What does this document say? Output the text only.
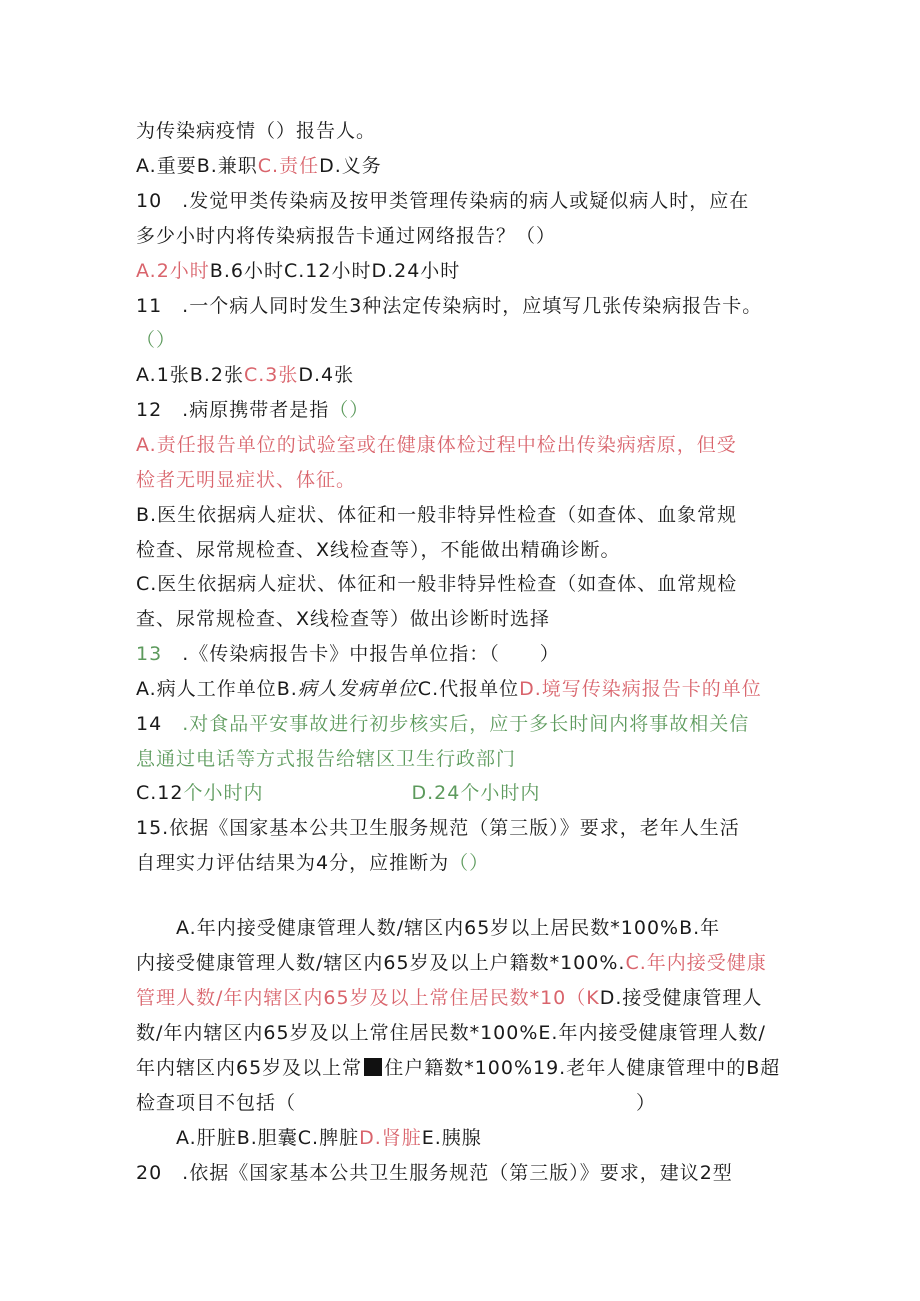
为传染病疫情（）报告人。
A.重要B.兼职C.责任D.义务
10　.发觉甲类传染病及按甲类管理传染病的病人或疑似病人时，应在
多少小时内将传染病报告卡通过网络报告？（）
A.2小时B.6小时C.12小时D.24小时
11　.一个病人同时发生3种法定传染病时，应填写几张传染病报告卡。
（）
A.1张B.2张C.3张D.4张
12　.病原携带者是指（）
A.责任报告单位的试验室或在健康体检过程中检出传染病痞原，但受
检者无明显症状、体征。
B.医生依据病人症状、体征和一般非特异性检查（如查体、血象常规
检查、尿常规检查、X线检查等），不能做出精确诊断。
C.医生依据病人症状、体征和一般非特异性检查（如查体、血常规检
查、尿常规检查、X线检查等）做出诊断时选择
13　.《传染病报告卡》中报告单位指：（　　）
A.病人工作单位B.病人发病单位C.代报单位D.境写传染病报告卡的单位
14　.对食品平安事故进行初步核实后，应于多长时间内将事故相关信
息通过电话等方式报告给辖区卫生行政部门
C.12个小时内	D.24个小时内
15.依据《国家基本公共卫生服务规范（第三版）》要求，老年人生活
自理实力评估结果为4分，应推断为（）
A.年内接受健康管理人数/辖区内65岁以上居民数*100%B.年
内接受健康管理人数/辖区内65岁及以上户籍数*100%.C.年内接受健康
管理人数/年内辖区内65岁及以上常住居民数*10（KD.接受健康管理人
数/年内辖区内65岁及以上常住居民数*100%E.年内接受健康管理人数/
年内辖区内65岁及以上常 住户籍数*100%19.老年人健康管理中的B超
检查项目不包括（	）
A.肝脏B.胆囊C.脾脏D.肾脏E.胰腺
20　.依据《国家基本公共卫生服务规范（第三版）》要求，建议2型
